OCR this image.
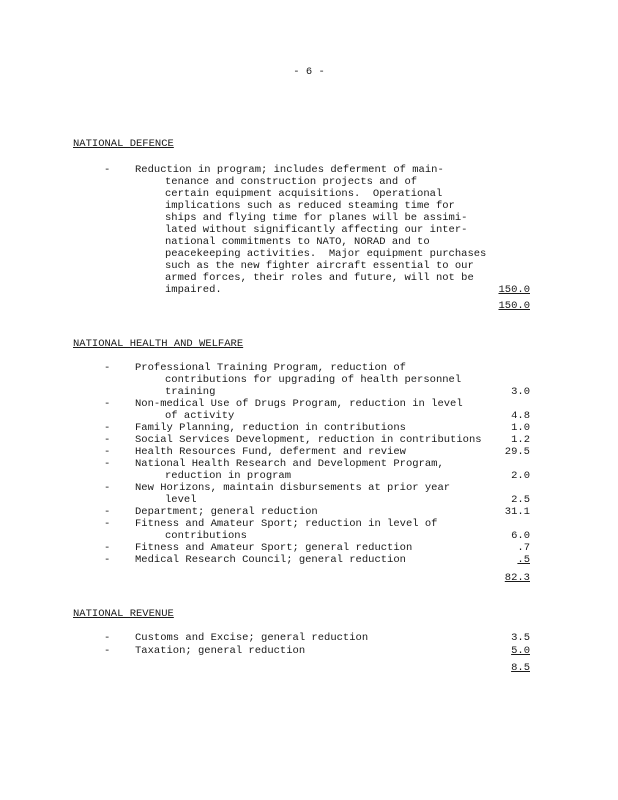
- 6 -
NATIONAL DEFENCE
- Reduction in program; includes deferment of main-
tenance and construction projects and of
certain equipment acquisitions.  Operational
implications such as reduced steaming time for
ships and flying time for planes will be assimi-
lated without significantly affecting our inter-
national commitments to NATO, NORAD and to
peacekeeping activities.  Major equipment purchases
such as the new fighter aircraft essential to our
armed forces, their roles and future, will not be
impaired.	150.0
150.0
NATIONAL HEALTH AND WELFARE
- Professional Training Program, reduction of
contributions for upgrading of health personnel
training	3.0
- Non-medical Use of Drugs Program, reduction in level
of activity	4.8
- Family Planning, reduction in contributions	1.0
- Social Services Development, reduction in contributions	1.2
- Health Resources Fund, deferment and review	29.5
- National Health Research and Development Program,
reduction in program	2.0
- New Horizons, maintain disbursements at prior year
level	2.5
- Department; general reduction	31.1
- Fitness and Amateur Sport; reduction in level of
contributions	6.0
- Fitness and Amateur Sport; general reduction	.7
- Medical Research Council; general reduction	.5
82.3
NATIONAL REVENUE
- Customs and Excise; general reduction	3.5
- Taxation; general reduction	5.0
8.5
